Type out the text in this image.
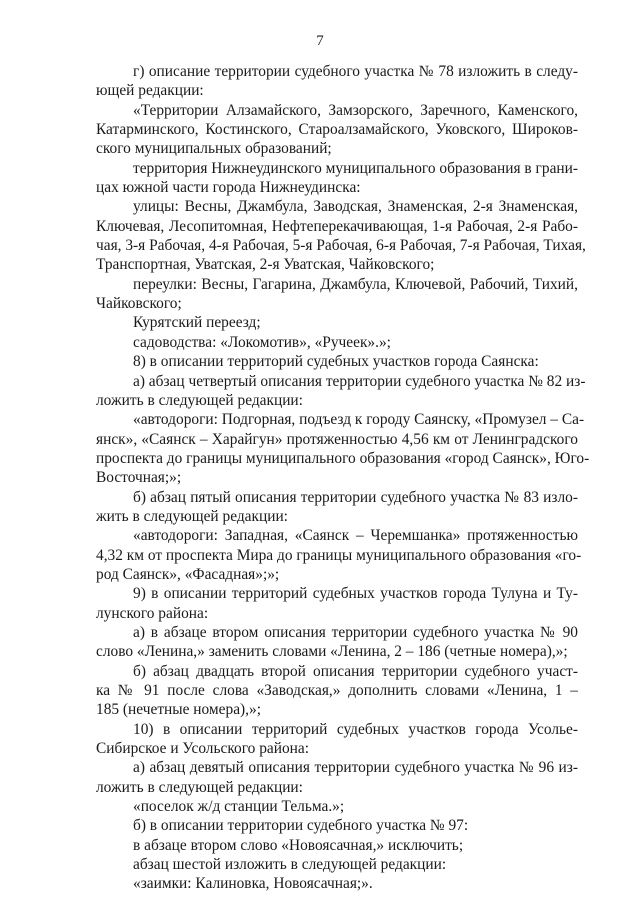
7

г) описание территории судебного участка № 78 изложить в следу-
ющей редакции:

«Территории Алзамайского, Замзорского, Заречного, Каменского,
Катарминского, Костинского, Староалзамайского, Уковского, Широков-
ского муниципальных образований;

территория Нижнеудинского муниципального образования в грани-
цах южной части города Нижнеудинска:

улицы: Весны, Джамбула, Заводская, Знаменская, 2-я Знаменская,
Ключевая, Лесопитомная, Нефтеперекачивающая, 1-я Рабочая, 2-я Рабо-
чая, 3-я Рабочая, 4-я Рабочая, 5-я Рабочая, 6-я Рабочая, 7-я Рабочая, Тихая,
Транспортная, Уватская, 2-я Уватская, Чайковского;

переулки: Весны, Гагарина, Джамбула, Ключевой, Рабочий, Тихий,
Чайковского;

Курятский переезд;

садоводства: «Локомотив», «Ручеек».»;

8) в описании территорий судебных участков города Саянска:

а) абзац четвертый описания территории судебного участка № 82 из-
ложить в следующей редакции:

«автодороги: Подгорная, подъезд к городу Саянску, «Промузел – Са-
янск», «Саянск – Харайгун» протяженностью 4,56 км от Ленинградского
проспекта до границы муниципального образования «город Саянск», Юго-
Восточная;»;

б) абзац пятый описания территории судебного участка № 83 изло-
жить в следующей редакции:

«автодороги: Западная, «Саянск – Черемшанка» протяженностью
4,32 км от проспекта Мира до границы муниципального образования «го-
род Саянск», «Фасадная»;»;

9) в описании территорий судебных участков города Тулуна и Ту-
лунского района:

а) в абзаце втором описания территории судебного участка № 90
слово «Ленина,» заменить словами «Ленина, 2 – 186 (четные номера),»;

б) абзац двадцать второй описания территории судебного участ-
ка № 91 после слова «Заводская,» дополнить словами «Ленина, 1 –
185 (нечетные номера),»;

10) в описании территорий судебных участков города Усолье-
Сибирское и Усольского района:

а) абзац девятый описания территории судебного участка № 96 из-
ложить в следующей редакции:

«поселок ж/д станции Тельма.»;

б) в описании территории судебного участка № 97:

в абзаце втором слово «Новоясачная,» исключить;

абзац шестой изложить в следующей редакции:

«заимки: Калиновка, Новоясачная;».
